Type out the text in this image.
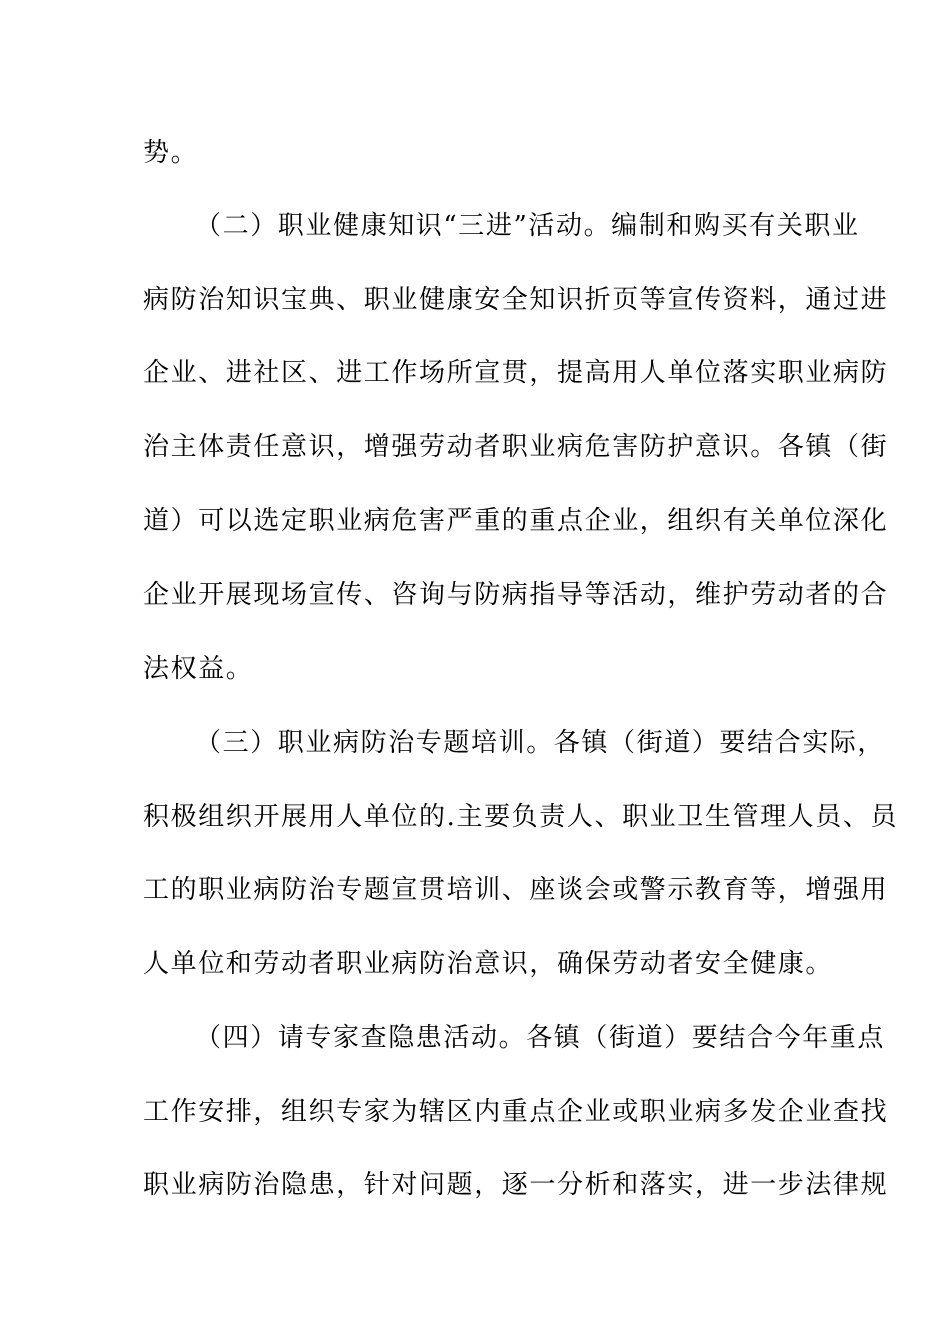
势。
（二）职业健康知识“三进”活动。编制和购买有关职业
病防治知识宝典、职业健康安全知识折页等宣传资料，通过进
企业、进社区、进工作场所宣贯，提高用人单位落实职业病防
治主体责任意识，增强劳动者职业病危害防护意识。各镇（街
道）可以选定职业病危害严重的重点企业，组织有关单位深化
企业开展现场宣传、咨询与防病指导等活动，维护劳动者的合
法权益。
（三）职业病防治专题培训。各镇（街道）要结合实际，
积极组织开展用人单位的.主要负责人、职业卫生管理人员、员
工的职业病防治专题宣贯培训、座谈会或警示教育等，增强用
人单位和劳动者职业病防治意识，确保劳动者安全健康。
（四）请专家查隐患活动。各镇（街道）要结合今年重点
工作安排，组织专家为辖区内重点企业或职业病多发企业查找
职业病防治隐患，针对问题，逐一分析和落实，进一步法律规
